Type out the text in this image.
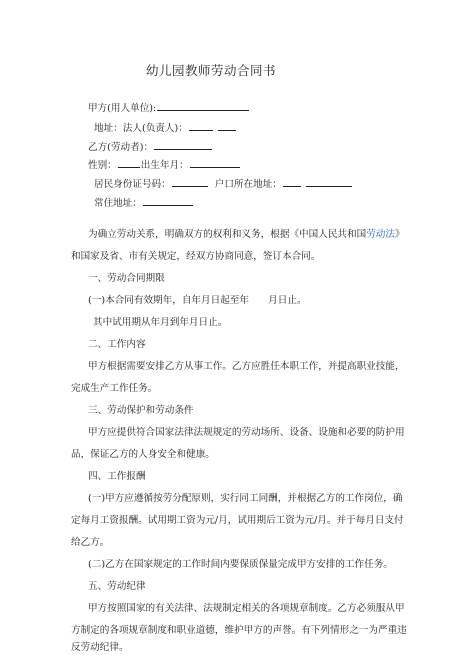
幼儿园教师劳动合同书
甲方(用人单位):
地址：法人(负责人)：
乙方(劳动者)：
性别：	出生年月：
居民身份证号码：	户口所在地址：
常住地址：
为确立劳动关系，明确双方的权利和义务，根据《中国人民共和国劳动法》
和国家及省、市有关规定，经双方协商同意，签订本合同。
一、劳动合同期限
(一)本合同有效期年，自年月日起至年　　月日止。
其中试用期从年月到年月日止。
二、工作内容
甲方根据需要安排乙方从事工作。乙方应胜任本职工作，并提高职业技能，
完成生产工作任务。
三、劳动保护和劳动条件
甲方应提供符合国家法律法规规定的劳动场所、设备、设施和必要的防护用
品，保证乙方的人身安全和健康。
四、工作报酬
(一)甲方应遵循按劳分配原则，实行同工同酬，并根据乙方的工作岗位，确
定每月工资报酬。试用期工资为元/月，试用期后工资为元/月。并于每月日支付
给乙方。
(二)乙方在国家规定的工作时间内要保质保量完成甲方安排的工作任务。
五、劳动纪律
甲方按照国家的有关法律、法规制定相关的各项规章制度。乙方必须服从甲
方制定的各项规章制度和职业道德，维护甲方的声誉。有下列情形之一为严重违
反劳动纪律。
